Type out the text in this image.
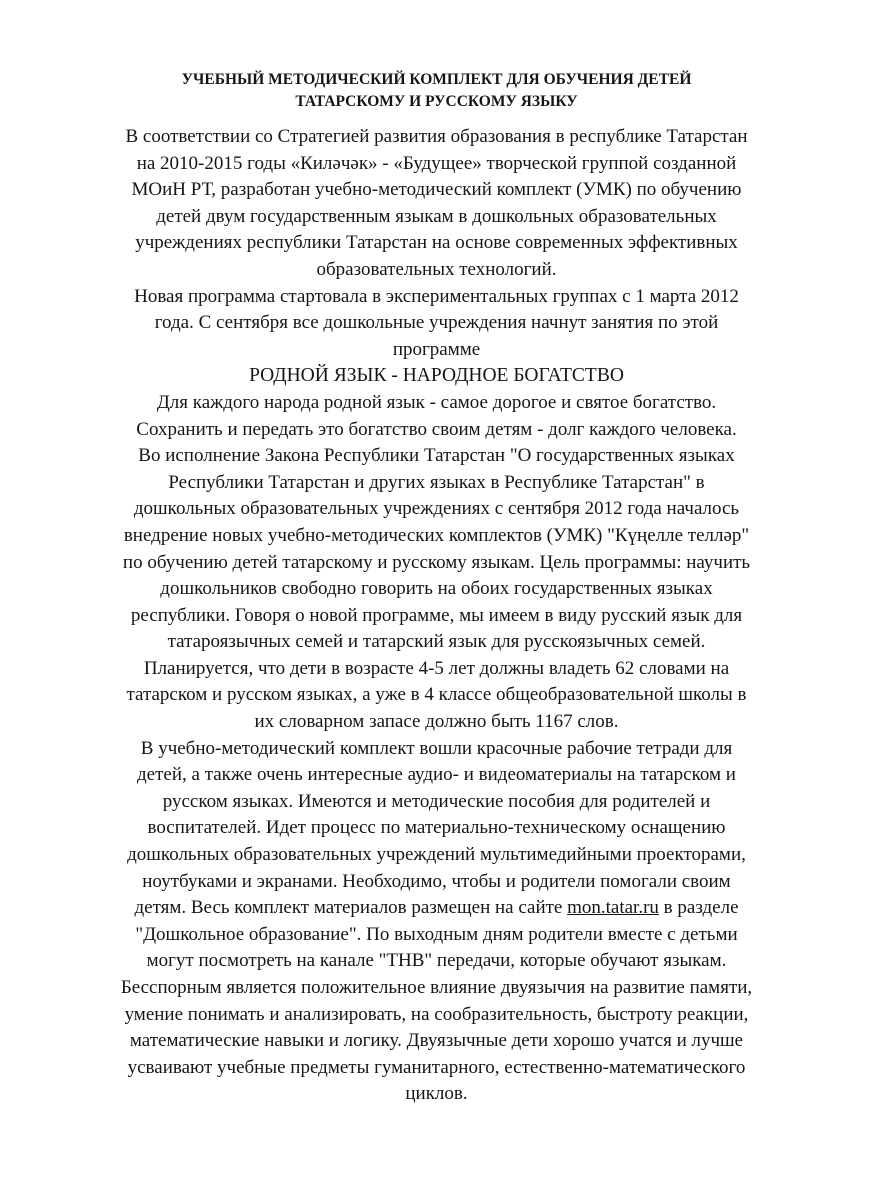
УЧЕБНЫЙ МЕТОДИЧЕСКИЙ КОМПЛЕКТ ДЛЯ ОБУЧЕНИЯ ДЕТЕЙ
ТАТАРСКОМУ И РУССКОМУ ЯЗЫКУ
В соответствии со Стратегией развития образования в республике Татарстан
на 2010-2015 годы «Киләчәк» - «Будущее» творческой группой созданной
МОиН РТ, разработан учебно-методический комплект (УМК) по обучению
детей двум государственным языкам в дошкольных образовательных
учреждениях республики Татарстан на основе современных эффективных
образовательных технологий.
Новая программа стартовала в экспериментальных группах с 1 марта 2012
года. С сентября все дошкольные учреждения начнут занятия по этой
программе
РОДНОЙ ЯЗЫК - НАРОДНОЕ БОГАТСТВО
Для каждого народа родной язык - самое дорогое и святое богатство.
Сохранить и передать это богатство своим детям - долг каждого человека.
Во исполнение Закона Республики Татарстан "О государственных языках
Республики Татарстан и других языках в Республике Татарстан" в
дошкольных образовательных учреждениях с сентября 2012 года началось
внедрение новых учебно-методических комплектов (УМК) "Күңелле телләр"
по обучению детей татарскому и русскому языкам. Цель программы: научить
дошкольников свободно говорить на обоих государственных языках
республики. Говоря о новой программе, мы имеем в виду русский язык для
татароязычных семей и татарский язык для русскоязычных семей.
Планируется, что дети в возрасте 4-5 лет должны владеть 62 словами на
татарском и русском языках, а уже в 4 классе общеобразовательной школы в
их словарном запасе должно быть 1167 слов.
В учебно-методический комплект вошли красочные рабочие тетради для
детей, а также очень интересные аудио- и видеоматериалы на татарском и
русском языках. Имеются и методические пособия для родителей и
воспитателей. Идет процесс по материально-техническому оснащению
дошкольных образовательных учреждений мультимедийными проекторами,
ноутбуками и экранами. Необходимо, чтобы и родители помогали своим
детям. Весь комплект материалов размещен на сайте mon.tatar.ru в разделе
"Дошкольное образование". По выходным дням родители вместе с детьми
могут посмотреть на канале "ТНВ" передачи, которые обучают языкам.
Бесспорным является положительное влияние двуязычия на развитие памяти,
умение понимать и анализировать, на сообразительность, быстроту реакции,
математические навыки и логику. Двуязычные дети хорошо учатся и лучше
усваивают учебные предметы гуманитарного, естественно-математического
циклов.
